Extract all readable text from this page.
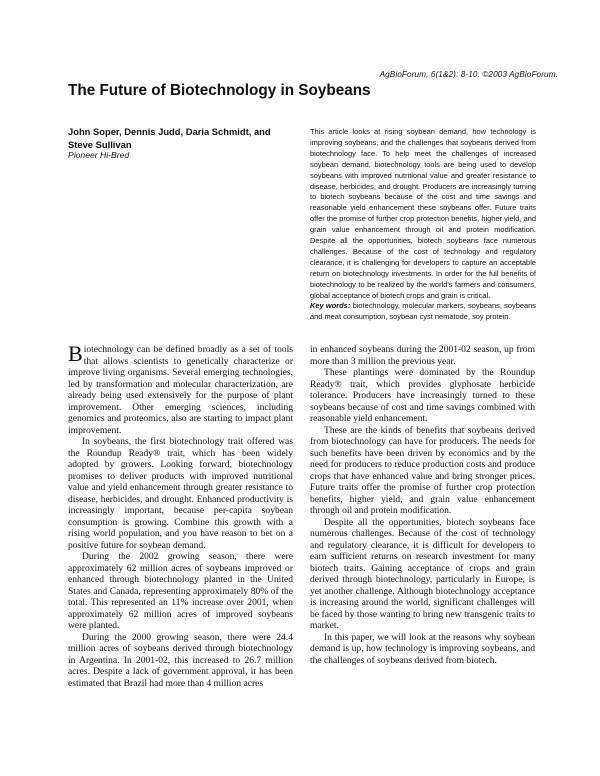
AgBioForum, 6(1&2): 8-10. ©2003 AgBioForum.
The Future of Biotechnology in Soybeans
John Soper, Dennis Judd, Daria Schmidt, and Steve Sullivan
Pioneer Hi-Bred

This article looks at rising soybean demand, how technology is improving soybeans, and the challenges that soybeans derived from biotechnology face. To help meet the challenges of increased soybean demand, biotechnology tools are being used to develop soybeans with improved nutritional value and greater resistance to disease, herbicides, and drought. Producers are increasingly turning to biotech soybeans because of the cost and time savings and reasonable yield enhancement these soybeans offer. Future traits offer the promise of further crop protection benefits, higher yield, and grain value enhancement through oil and protein modification. Despite all the opportunities, biotech soybeans face numerous challenges. Because of the cost of technology and regulatory clearance, it is challenging for developers to capture an acceptable return on biotechnology investments. In order for the full benefits of biotechnology to be realized by the world's farmers and consumers, global acceptance of biotech crops and grain is critical.

Key words: biotechnology, molecular markers, soybeans, soybeans and meat consumption, soybean cyst nematode, soy protein.

Biotechnology can be defined broadly as a set of tools that allows scientists to genetically characterize or improve living organisms. Several emerging technologies, led by transformation and molecular characterization, are already being used extensively for the purpose of plant improvement. Other emerging sciences, including genomics and proteomics, also are starting to impact plant improvement.

In soybeans, the first biotechnology trait offered was the Roundup Ready® trait, which has been widely adopted by growers. Looking forward, biotechnology promises to deliver products with improved nutritional value and yield enhancement through greater resistance to disease, herbicides, and drought. Enhanced productivity is increasingly important, because per-capita soybean consumption is growing. Combine this growth with a rising world population, and you have reason to bet on a positive future for soybean demand.

During the 2002 growing season, there were approximately 62 million acres of soybeans improved or enhanced through biotechnology planted in the United States and Canada, representing approximately 80% of the total. This represented an 11% increase over 2001, when approximately 62 million acres of improved soybeans were planted.

During the 2000 growing season, there were 24.4 million acres of soybeans derived through biotechnology in Argentina. In 2001-02, this increased to 26.7 million acres. Despite a lack of government approval, it has been estimated that Brazil had more than 4 million acres

in enhanced soybeans during the 2001-02 season, up from more than 3 million the previous year.

These plantings were dominated by the Roundup Ready® trait, which provides glyphosate herbicide tolerance. Producers have increasingly turned to these soybeans because of cost and time savings combined with reasonable yield enhancement.

These are the kinds of benefits that soybeans derived from biotechnology can have for producers. The needs for such benefits have been driven by economics and by the need for producers to reduce production costs and produce crops that have enhanced value and bring stronger prices. Future traits offer the promise of further crop protection benefits, higher yield, and grain value enhancement through oil and protein modification.

Despite all the opportunities, biotech soybeans face numerous challenges. Because of the cost of technology and regulatory clearance, it is difficult for developers to earn sufficient returns on research investment for many biotech traits. Gaining acceptance of crops and grain derived through biotechnology, particularly in Europe, is yet another challenge. Although biotechnology acceptance is increasing around the world, significant challenges will be faced by those wanting to bring new transgenic traits to market.

In this paper, we will look at the reasons why soybean demand is up, how technology is improving soybeans, and the challenges of soybeans derived from biotech.
